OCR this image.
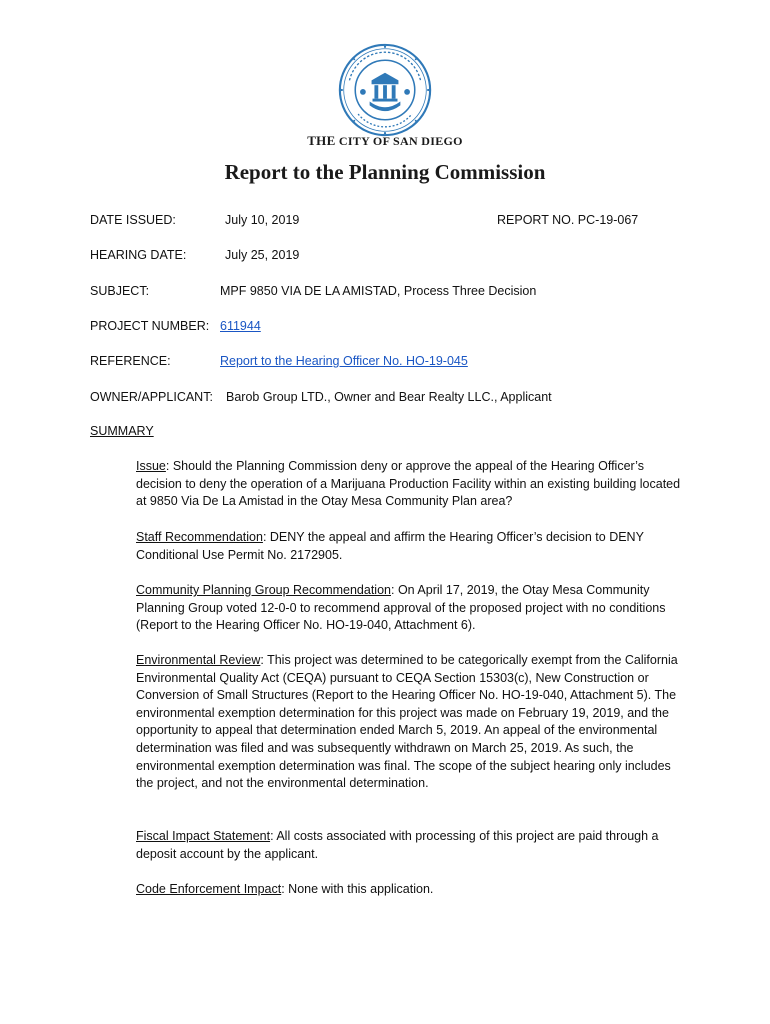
THE CITY OF SAN DIEGO
Report to the Planning Commission
DATE ISSUED:	July 10, 2019	REPORT NO. PC-19-067
HEARING DATE:	July 25, 2019
SUBJECT:	MPF 9850 VIA DE LA AMISTAD, Process Three Decision
PROJECT NUMBER: 611944
REFERENCE:	Report to the Hearing Officer No. HO-19-045
OWNER/APPLICANT: Barob Group LTD., Owner and Bear Realty LLC., Applicant
SUMMARY
Issue: Should the Planning Commission deny or approve the appeal of the Hearing Officer’s decision to deny the operation of a Marijuana Production Facility within an existing building located at 9850 Via De La Amistad in the Otay Mesa Community Plan area?
Staff Recommendation: DENY the appeal and affirm the Hearing Officer’s decision to DENY Conditional Use Permit No. 2172905.
Community Planning Group Recommendation: On April 17, 2019, the Otay Mesa Community Planning Group voted 12-0-0 to recommend approval of the proposed project with no conditions (Report to the Hearing Officer No. HO-19-040, Attachment 6).
Environmental Review: This project was determined to be categorically exempt from the California Environmental Quality Act (CEQA) pursuant to CEQA Section 15303(c), New Construction or Conversion of Small Structures (Report to the Hearing Officer No. HO-19-040, Attachment 5). The environmental exemption determination for this project was made on February 19, 2019, and the opportunity to appeal that determination ended March 5, 2019. An appeal of the environmental determination was filed and was subsequently withdrawn on March 25, 2019. As such, the environmental exemption determination was final. The scope of the subject hearing only includes the project, and not the environmental determination.
Fiscal Impact Statement: All costs associated with processing of this project are paid through a deposit account by the applicant.
Code Enforcement Impact: None with this application.
